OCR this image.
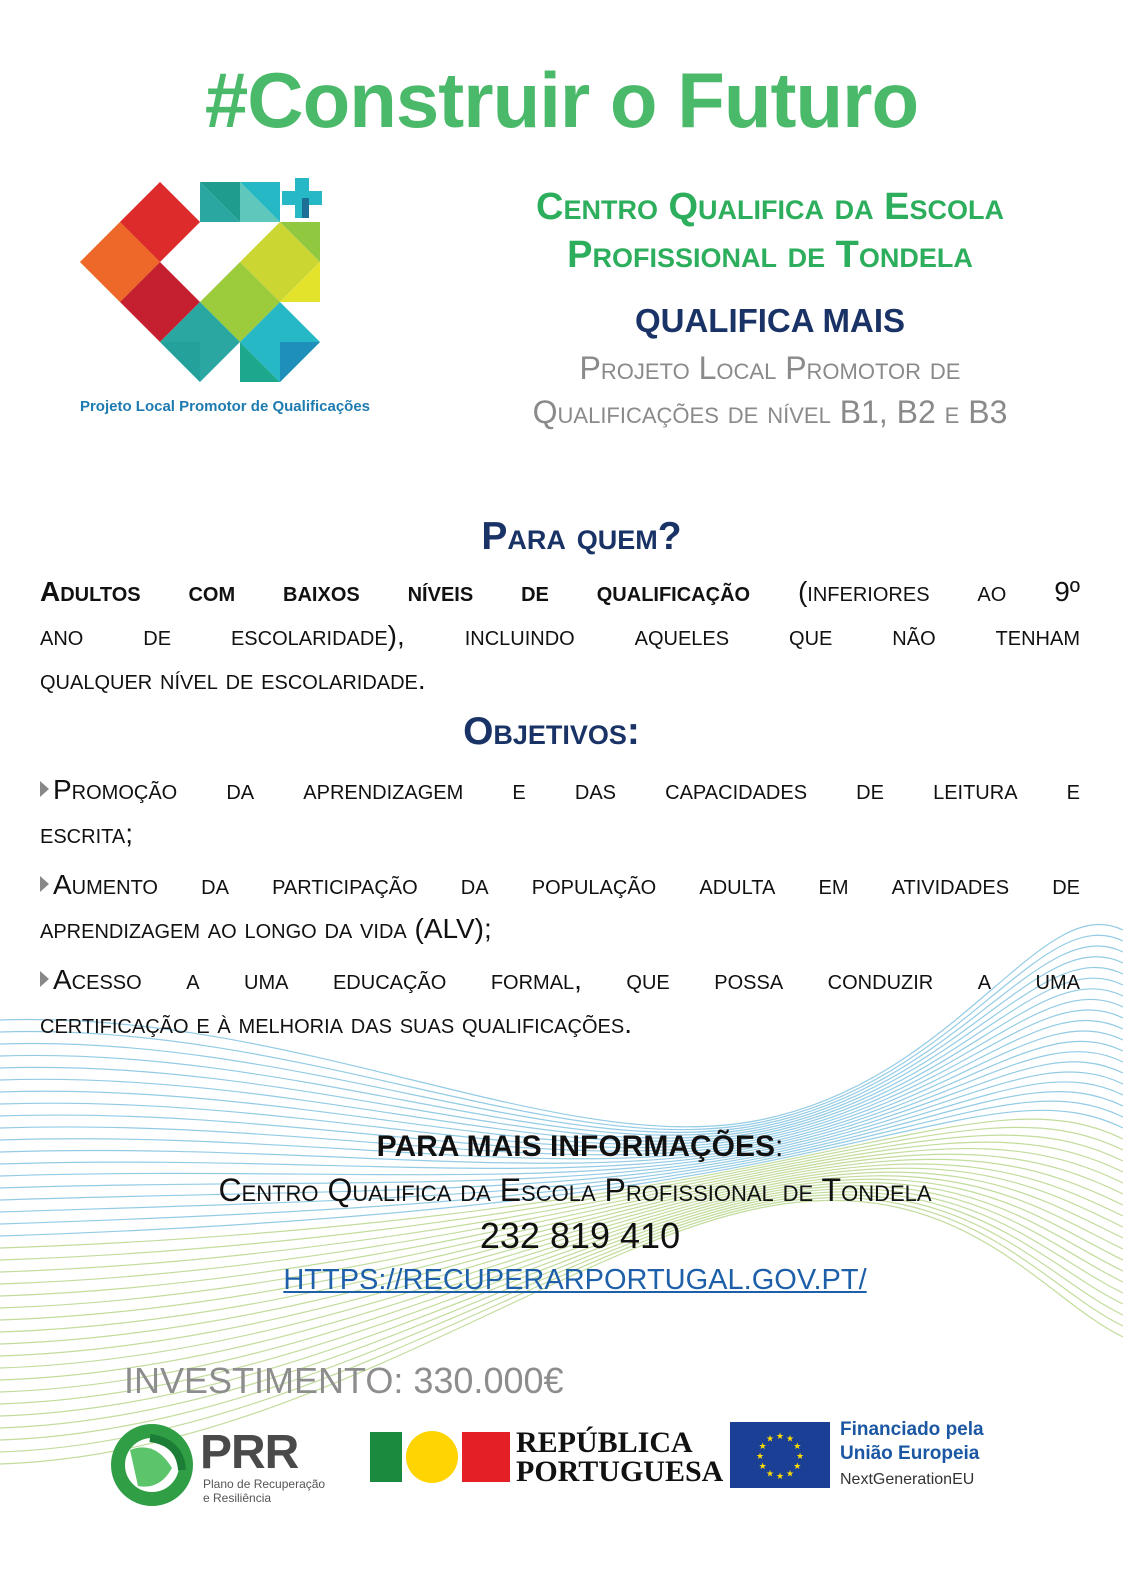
#Construir o Futuro
Projeto Local Promotor de Qualificações
Centro Qualifica da Escola
Profissional de Tondela
QUALIFICA MAIS
Projeto Local Promotor de
Qualificações de nível B1, B2 e B3
Para quem?
Adultos com baixos níveis de qualificação (inferiores ao 9º
ano de escolaridade), incluindo aqueles que não tenham
qualquer nível de escolaridade.
Objetivos:
Promoção da aprendizagem e das capacidades de leitura e
escrita;
Aumento da participação da população adulta em atividades de
aprendizagem ao longo da vida (ALV);
Acesso a uma educação formal, que possa conduzir a uma
certificação e à melhoria das suas qualificações.
PARA MAIS INFORMAÇÕES:
Centro Qualifica da Escola Profissional de Tondela
232 819 410
HTTPS://RECUPERARPORTUGAL.GOV.PT/
INVESTIMENTO: 330.000€
PRR
Plano de Recuperação
e Resiliência
REPÚBLICA
PORTUGUESA	★
★
★
★
★
★
★
★
★ ★ ★
★
Financiado pela
União Europeia
NextGenerationEU
